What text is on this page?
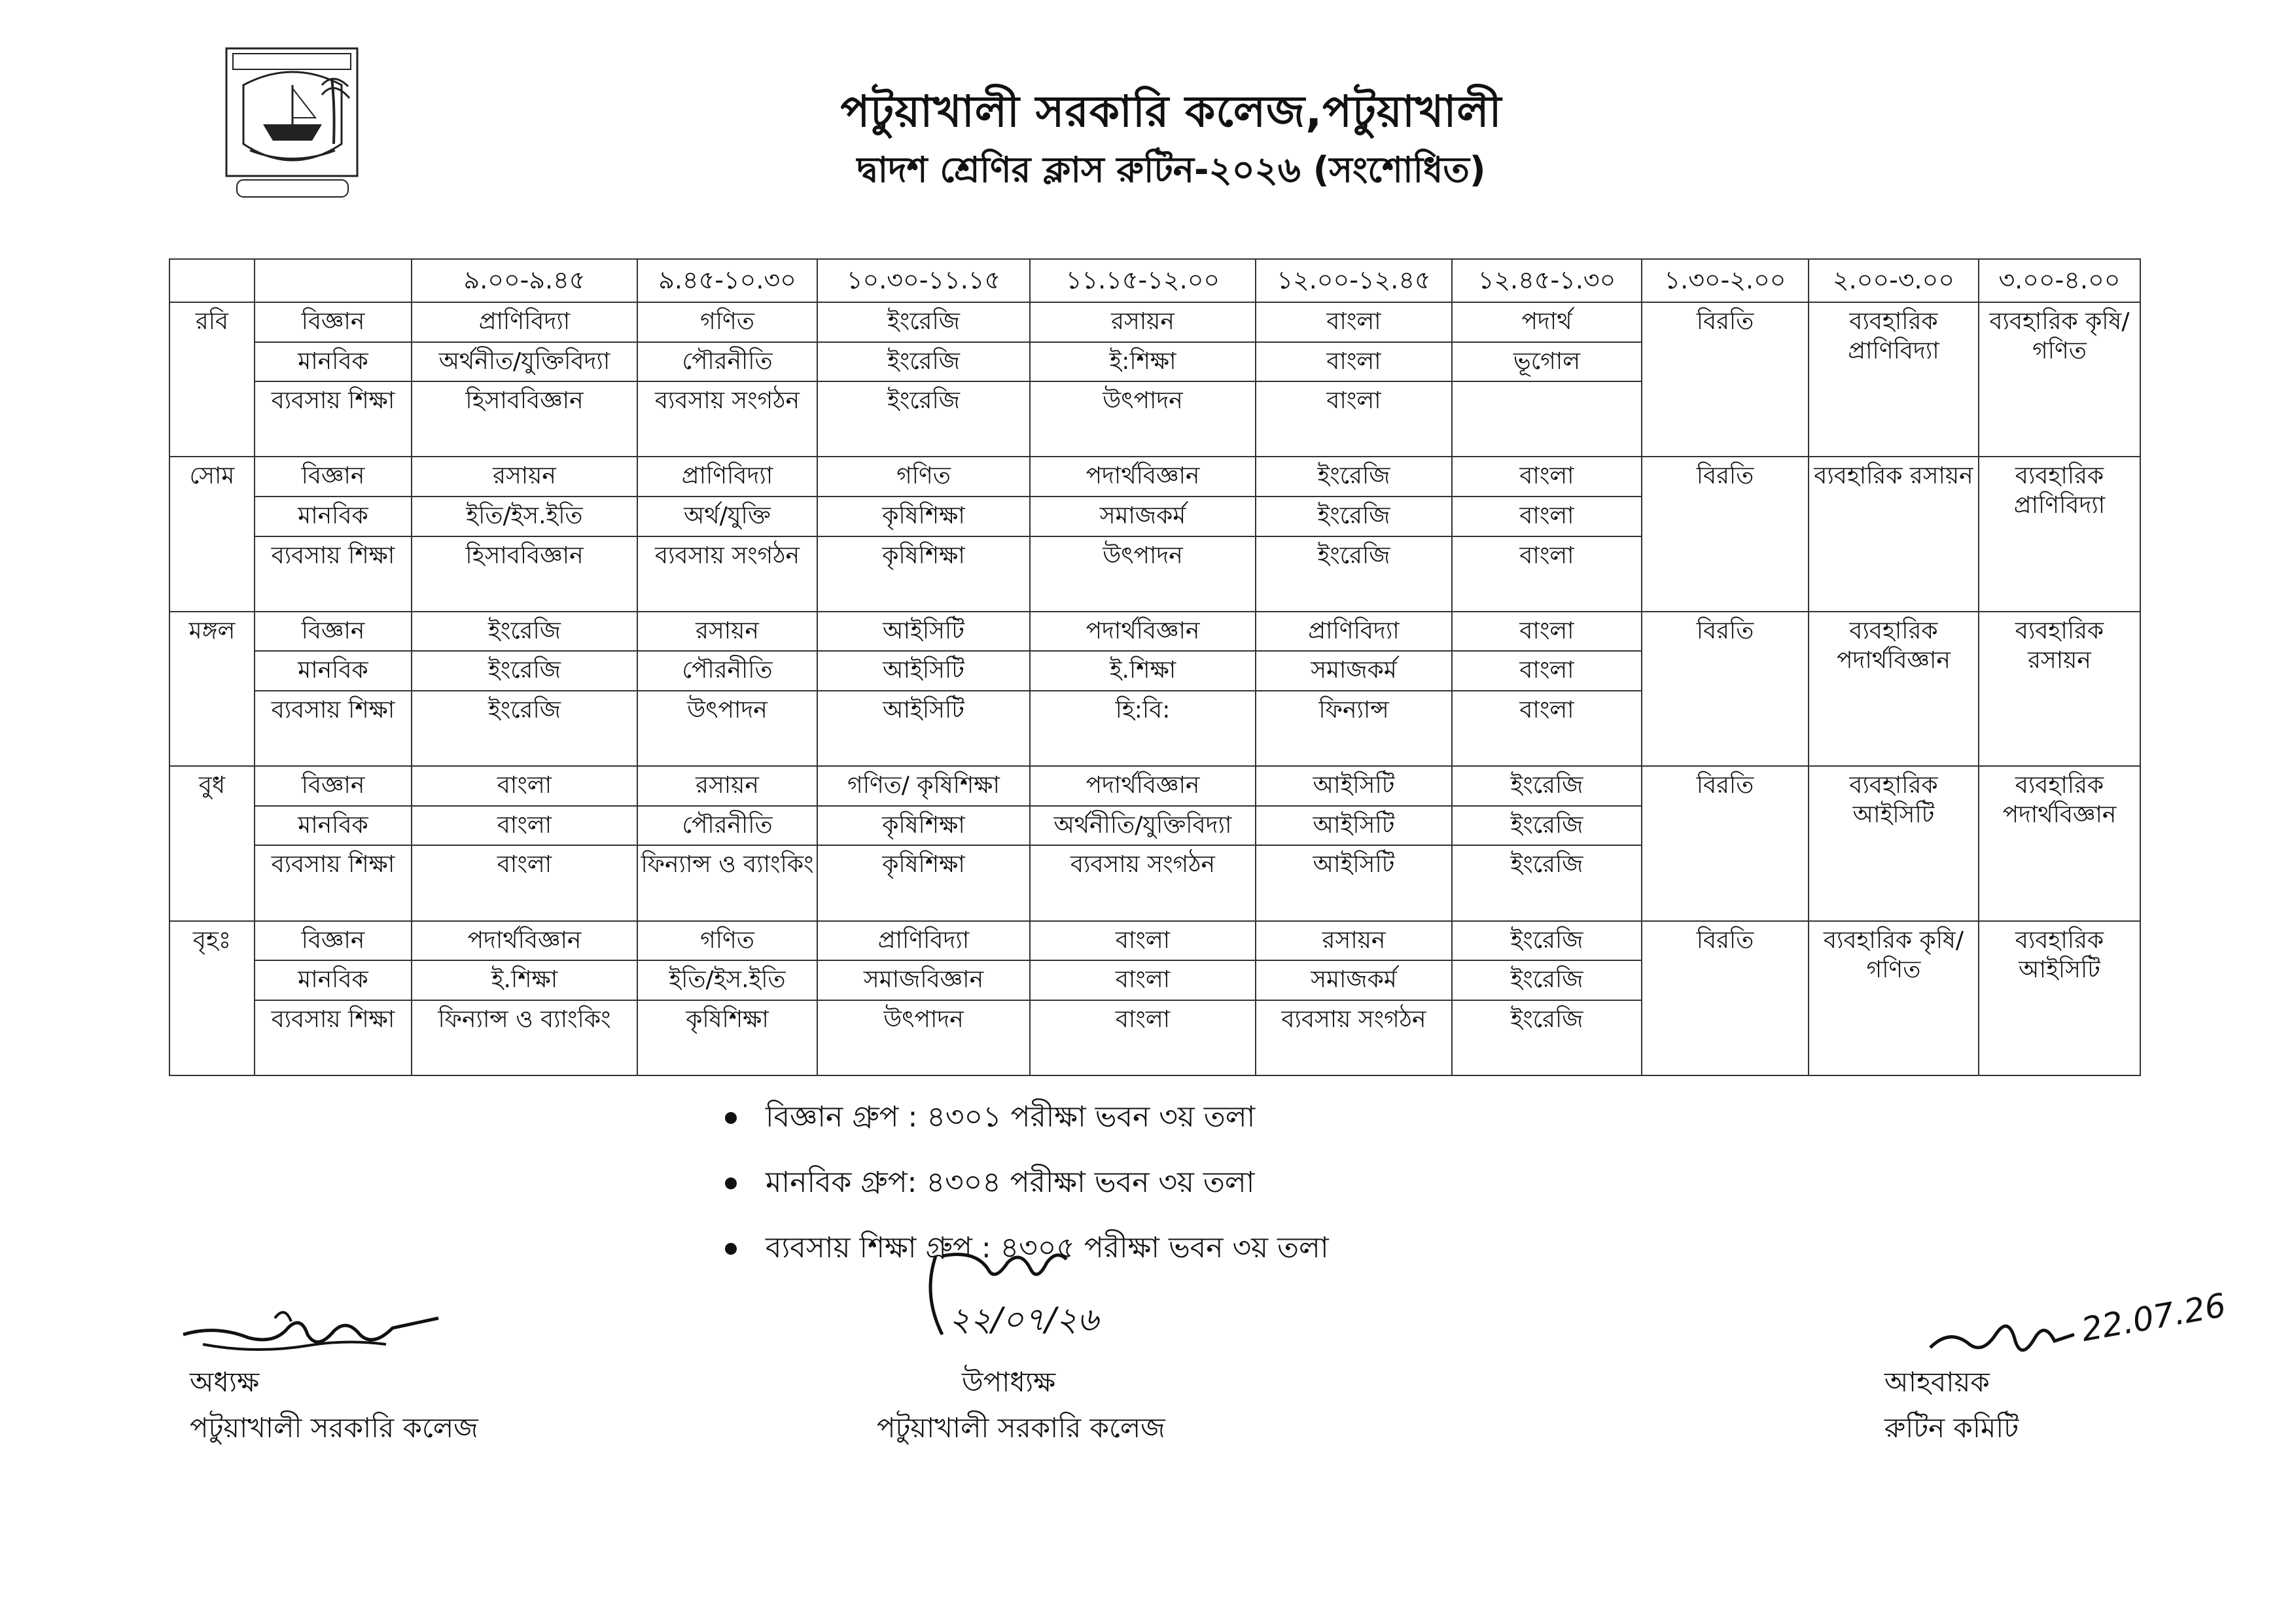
পটুয়াখালী সরকারি কলেজ,পটুয়াখালী
দ্বাদশ শ্রেণির ক্লাস রুটিন-২০২৬ (সংশোধিত)
		৯.০০-৯.৪৫	৯.৪৫-১০.৩০	১০.৩০-১১.১৫	১১.১৫-১২.০০	১২.০০-১২.৪৫	১২.৪৫-১.৩০	১.৩০-২.০০	২.০০-৩.০০	৩.০০-৪.০০
রবি	বিজ্ঞান	প্রাণিবিদ্যা	গণিত	ইংরেজি	রসায়ন	বাংলা	পদার্থ	বিরতি	ব্যবহারিক প্রাণিবিদ্যা	ব্যবহারিক কৃষি/গণিত
	মানবিক	অর্থনীত/যুক্তিবিদ্যা	পৌরনীতি	ইংরেজি	ই:শিক্ষা	বাংলা	ভূগোল			
	ব্যবসায় শিক্ষা	হিসাববিজ্ঞান	ব্যবসায় সংগঠন	ইংরেজি	উৎপাদন	বাংলা				
সোম	বিজ্ঞান	রসায়ন	প্রাণিবিদ্যা	গণিত	পদার্থবিজ্ঞান	ইংরেজি	বাংলা	বিরতি	ব্যবহারিক রসায়ন	ব্যবহারিক প্রাণিবিদ্যা
	মানবিক	ইতি/ইস.ইতি	অর্থ/যুক্তি	কৃষিশিক্ষা	সমাজকর্ম	ইংরেজি	বাংলা			
	ব্যবসায় শিক্ষা	হিসাববিজ্ঞান	ব্যবসায় সংগঠন	কৃষিশিক্ষা	উৎপাদন	ইংরেজি	বাংলা			
মঙ্গল	বিজ্ঞান	ইংরেজি	রসায়ন	আইসিটি	পদার্থবিজ্ঞান	প্রাণিবিদ্যা	বাংলা	বিরতি	ব্যবহারিক পদার্থবিজ্ঞান	ব্যবহারিক রসায়ন
	মানবিক	ইংরেজি	পৌরনীতি	আইসিটি	ই.শিক্ষা	সমাজকর্ম	বাংলা			
	ব্যবসায় শিক্ষা	ইংরেজি	উৎপাদন	আইসিটি	হি:বি:	ফিন্যান্স	বাংলা			
বুধ	বিজ্ঞান	বাংলা	রসায়ন	গণিত/ কৃষিশিক্ষা	পদার্থবিজ্ঞান	আইসিটি	ইংরেজি	বিরতি	ব্যবহারিক আইসিটি	ব্যবহারিক পদার্থবিজ্ঞান
	মানবিক	বাংলা	পৌরনীতি	কৃষিশিক্ষা	অর্থনীতি/যুক্তিবিদ্যা	আইসিটি	ইংরেজি			
	ব্যবসায় শিক্ষা	বাংলা	ফিন্যান্স ও ব্যাংকিং	কৃষিশিক্ষা	ব্যবসায় সংগঠন	আইসিটি	ইংরেজি			
বৃহঃ	বিজ্ঞান	পদার্থবিজ্ঞান	গণিত	প্রাণিবিদ্যা	বাংলা	রসায়ন	ইংরেজি	বিরতি	ব্যবহারিক কৃষি/গণিত	ব্যবহারিক আইসিটি
	মানবিক	ই.শিক্ষা	ইতি/ইস.ইতি	সমাজবিজ্ঞান	বাংলা	সমাজকর্ম	ইংরেজি			
	ব্যবসায় শিক্ষা	ফিন্যান্স ও ব্যাংকিং	কৃষিশিক্ষা	উৎপাদন	বাংলা	ব্যবসায় সংগঠন	ইংরেজি			
বিজ্ঞান গ্রুপ : ৪৩০১ পরীক্ষা ভবন ৩য় তলা
মানবিক গ্রুপ: ৪৩০৪ পরীক্ষা ভবন ৩য় তলা
ব্যবসায় শিক্ষা গ্রুপ : ৪৩০৫ পরীক্ষা ভবন ৩য় তলা
অধ্যক্ষ
পটুয়াখালী সরকারি কলেজ
২২/০৭/২৬
উপাধ্যক্ষ
পটুয়াখালী সরকারি কলেজ
22.07.26
আহবায়ক
রুটিন কমিটি
